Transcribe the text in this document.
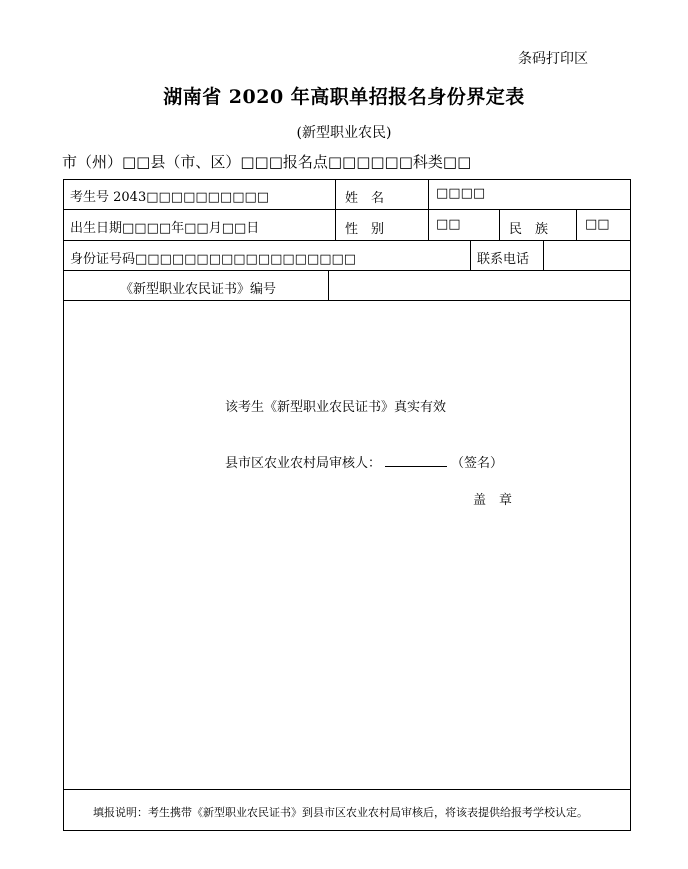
条码打印区
湖南省 2020 年高职单招报名身份界定表
(新型职业农民)
市（州）□□县（市、区）□□□报名点□□□□□□科类□□
考生号 2043□□□□□□□□□□	姓　名	□□□□
出生日期□□□□年□□月□□日	性　别	□□	民　族	□□
身份证号码□□□□□□□□□□□□□□□□□□	联系电话
《新型职业农民证书》编号
该考生《新型职业农民证书》真实有效
县市区农业农村局审核人：	（签名）
盖　章
填报说明：考生携带《新型职业农民证书》到县市区农业农村局审核后，将该表提供给报考学校认定。
